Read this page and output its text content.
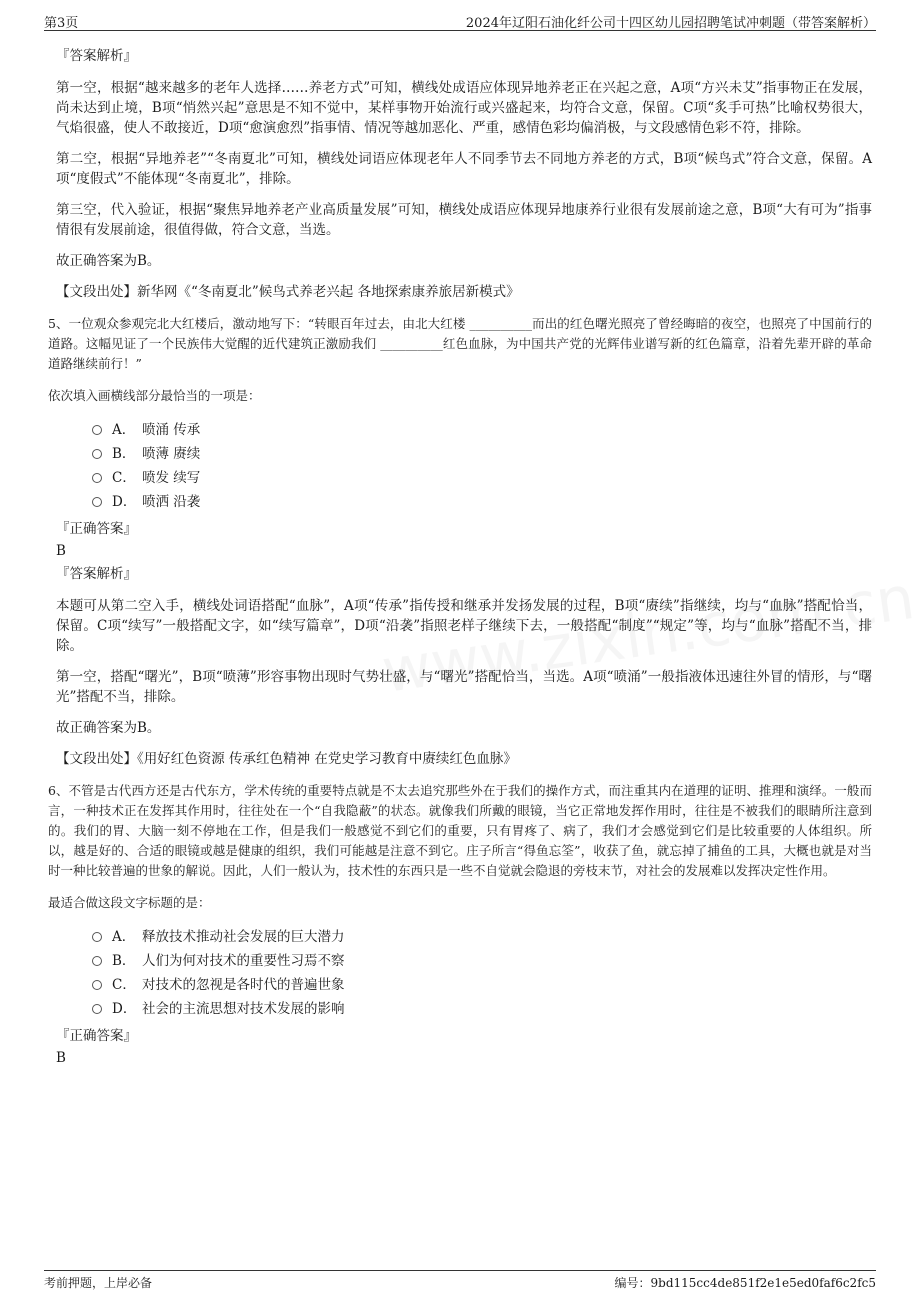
第3页	2024年辽阳石油化纤公司十四区幼儿园招聘笔试冲刺题（带答案解析）
『答案解析』

第一空，根据“越来越多的老年人选择……养老方式”可知，横线处成语应体现异地养老正在兴起之意，A项“方兴未艾”指事物正在发展，尚未达到止境，B项“悄然兴起”意思是不知不觉中，某样事物开始流行或兴盛起来，均符合文意，保留。C项“炙手可热”比喻权势很大，气焰很盛，使人不敢接近，D项“愈演愈烈”指事情、情况等越加恶化、严重，感情色彩均偏消极，与文段感情色彩不符，排除。

第二空，根据“异地养老”“冬南夏北”可知，横线处词语应体现老年人不同季节去不同地方养老的方式，B项“候鸟式”符合文意，保留。A项“度假式”不能体现“冬南夏北”，排除。

第三空，代入验证，根据“聚焦异地养老产业高质量发展”可知，横线处成语应体现异地康养行业很有发展前途之意，B项“大有可为”指事情很有发展前途，很值得做，符合文意，当选。

故正确答案为B。

【文段出处】新华网《“冬南夏北”候鸟式养老兴起 各地探索康养旅居新模式》

5、一位观众参观完北大红楼后，激动地写下：“转眼百年过去，由北大红楼 __________而出的红色曙光照亮了曾经晦暗的夜空，也照亮了中国前行的道路。这幅见证了一个民族伟大觉醒的近代建筑正激励我们 __________红色血脉，为中国共产党的光辉伟业谱写新的红色篇章，沿着先辈开辟的革命道路继续前行！”

依次填入画横线部分最恰当的一项是：

A． 喷涌 传承
B． 喷薄 赓续
C． 喷发 续写
D． 喷洒 沿袭
『正确答案』
B
『答案解析』

本题可从第二空入手，横线处词语搭配“血脉”，A项“传承”指传授和继承并发扬发展的过程，B项“赓续”指继续，均与“血脉”搭配恰当，保留。C项“续写”一般搭配文字，如“续写篇章”，D项“沿袭”指照老样子继续下去，一般搭配“制度”“规定”等，均与“血脉”搭配不当，排除。

第一空，搭配“曙光”，B项“喷薄”形容事物出现时气势壮盛，与“曙光”搭配恰当，当选。A项“喷涌”一般指液体迅速往外冒的情形，与“曙光”搭配不当，排除。

故正确答案为B。

【文段出处】《用好红色资源 传承红色精神 在党史学习教育中赓续红色血脉》

6、不管是古代西方还是古代东方，学术传统的重要特点就是不太去追究那些外在于我们的操作方式，而注重其内在道理的证明、推理和演绎。一般而言，一种技术正在发挥其作用时，往往处在一个“自我隐蔽”的状态。就像我们所戴的眼镜，当它正常地发挥作用时，往往是不被我们的眼睛所注意到的。我们的胃、大脑一刻不停地在工作，但是我们一般感觉不到它们的重要，只有胃疼了、病了，我们才会感觉到它们是比较重要的人体组织。所以，越是好的、合适的眼镜或越是健康的组织，我们可能越是注意不到它。庄子所言“得鱼忘筌”，收获了鱼，就忘掉了捕鱼的工具，大概也就是对当时一种比较普遍的世象的解说。因此，人们一般认为，技术性的东西只是一些不自觉就会隐退的旁枝末节，对社会的发展难以发挥决定性作用。

最适合做这段文字标题的是：

A． 释放技术推动社会发展的巨大潜力
B． 人们为何对技术的重要性习焉不察
C． 对技术的忽视是各时代的普遍世象
D． 社会的主流思想对技术发展的影响
『正确答案』
B
考前押题，上岸必备	编号：9bd115cc4de851f2e1e5ed0faf6c2fc5
